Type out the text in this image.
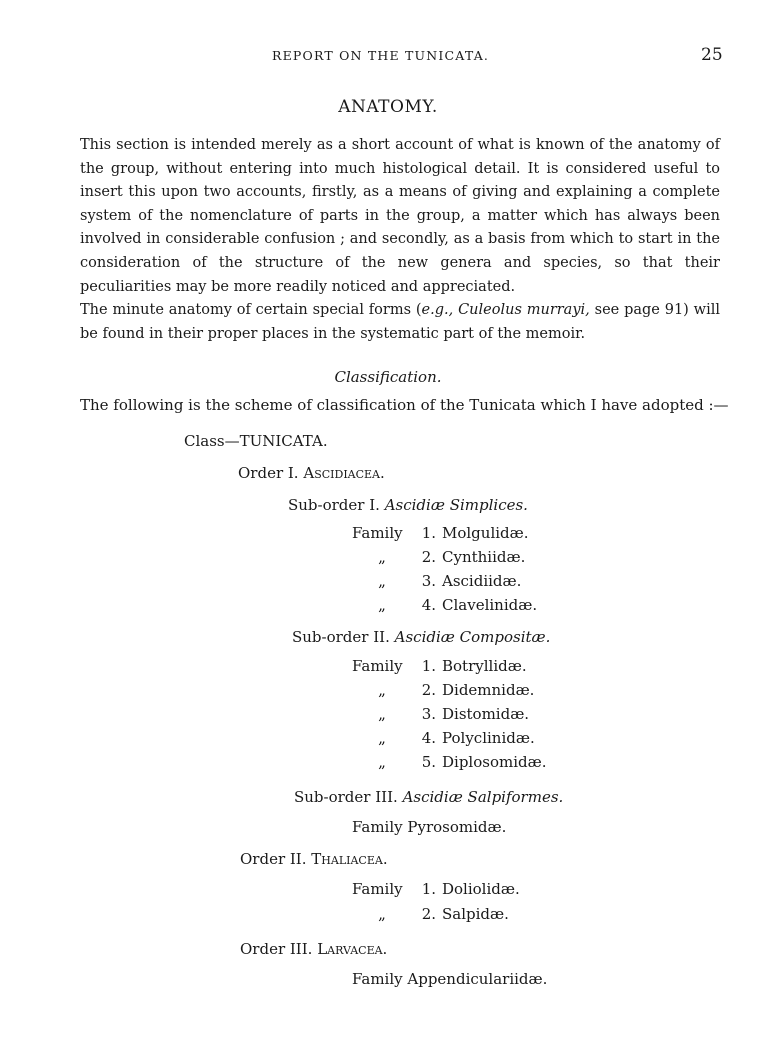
REPORT ON THE TUNICATA.	25
ANATOMY.
This section is intended merely as a short account of what is known of the anatomy of the group, without entering into much histological detail. It is considered useful to insert this upon two accounts, firstly, as a means of giving and explaining a complete system of the nomenclature of parts in the group, a matter which has always been involved in considerable confusion ; and secondly, as a basis from which to start in the consideration of the structure of the new genera and species, so that their peculiarities may be more readily noticed and appreciated.
The minute anatomy of certain special forms (e.g., Culeolus murrayi, see page 91) will be found in their proper places in the systematic part of the memoir.
Classification.
The following is the scheme of classification of the Tunicata which I have adopted :—
Class—TUNICATA.
Order I. Ascidiacea.
Sub-order I. Ascidiæ Simplices.
Family 1. Molgulidæ.
„ 2. Cynthiidæ.
„ 3. Ascidiidæ.
„ 4. Clavelinidæ.
Sub-order II. Ascidiæ Compositæ.
Family 1. Botryllidæ.
„ 2. Didemnidæ.
„ 3. Distomidæ.
„ 4. Polyclinidæ.
„ 5. Diplosomidæ.
Sub-order III. Ascidiæ Salpiformes.
Family Pyrosomidæ.
Order II. Thaliacea.
Family 1. Doliolidæ.
„ 2. Salpidæ.
Order III. Larvacea.
Family Appendiculariidæ.
